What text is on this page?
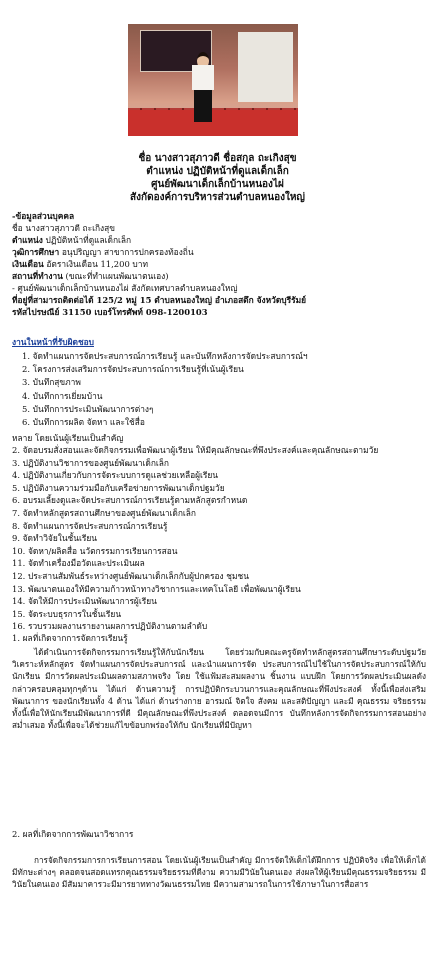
ชื่อ นางสาวสุภาวดี ชื่อสกุล ถะเกิงสุข
ตำแหน่ง ปฏิบัติหน้าที่ดูแลเด็กเล็ก
ศูนย์พัฒนาเด็กเล็กบ้านหนองไผ่
สังกัดองค์การบริหารส่วนตำบลหนองใหญ่
-ข้อมูลส่วนบุคคล
ชื่อ นางสาวสุภาวดี ถะเกิงสุข
ตำแหน่ง ปฏิบัติหน้าที่ดูแลเด็กเล็ก
วุฒิการศึกษา อนุปริญญา สาขาการปกครองท้องถิ่น
เงินเดือน อัตราเงินเดือน 11,200 บาท
สถานที่ทำงาน (ขณะที่ทำแผนพัฒนาตนเอง)
- ศูนย์พัฒนาเด็กเล็กบ้านหนองไผ่ สังกัดเทศบาลตำบลหนองใหญ่
ที่อยู่ที่สามารถติดต่อได้ 125/2 หมู่ 15 ตำบลหนองใหญ่ อำเภอสตึก จังหวัดบุรีรัมย์
รหัสไปรษณีย์ 31150 เบอร์โทรศัพท์ 098-1200103
งานในหน้าที่รับผิดชอบ
1. จัดทำแผนการจัดประสบการณ์การเรียนรู้ และบันทึกหลังการจัดประสบการณ์ฯ
2. โครงการส่งเสริมการจัดประสบการณ์การเรียนรู้ที่เน้นผู้เรียน
3. บันทึกสุขภาพ
4. บันทึกการเยี่ยมบ้าน
5. บันทึกการประเมินพัฒนาการต่างๆ
6. บันทึกการผลิต จัดหา และใช้สื่อ
หลาย โดยเน้นผู้เรียนเป็นสำคัญ
2. จัดอบรมสั่งสอนและจัดกิจกรรมเพื่อพัฒนาผู้เรียน ให้มีคุณลักษณะที่พึงประสงค์และคุณลักษณะตามวัย
3. ปฏิบัติงานวิชาการของศูนย์พัฒนาเด็กเล็ก
4. ปฏิบัติงานเกี่ยวกับการจัดระบบการดูแลช่วยเหลือผู้เรียน
5. ปฏิบัติงานความร่วมมือกับเครือข่ายการพัฒนาเด็กปฐมวัย
6. อบรมเลี้ยงดูและจัดประสบการณ์การเรียนรู้ตามหลักสูตรกำหนด
7. จัดทำหลักสูตรสถานศึกษาของศูนย์พัฒนาเด็กเล็ก
8. จัดทำแผนการจัดประสบการณ์การเรียนรู้
9. จัดทำวิจัยในชั้นเรียน
10. จัดหา/ผลิตสื่อ นวัตกรรมการเรียนการสอน
11. จัดทำเครื่องมือวัดและประเมินผล
12. ประสานสัมพันธ์ระหว่างศูนย์พัฒนาเด็กเล็กกับผู้ปกครอง ชุมชน
13. พัฒนาตนเองให้มีความก้าวหน้าทางวิชาการและเทคโนโลยี เพื่อพัฒนาผู้เรียน
14. จัดให้มีการประเมินพัฒนาการผู้เรียน
15. จัดระบบธุรการในชั้นเรียน
16. รวบรวมผลงานรายงานผลการปฏิบัติงานตามลำดับ
1. ผลที่เกิดจากการจัดการเรียนรู้

ได้ดำเนินการจัดกิจกรรมการเรียนรู้ให้กับนักเรียน โดยร่วมกับคณะครูจัดทำหลักสูตรสถานศึกษาระดับปฐมวัย วิเคราะห์หลักสูตร จัดทำแผนการจัดประสบการณ์ และนำแผนการจัด ประสบการณ์ไปใช้ในการจัดประสบการณ์ให้กับนักเรียน มีการวัดผลประเมินผลตามสภาพจริง โดย ใช้แฟ้มสะสมผลงาน ชิ้นงาน แบบฝึก โดยการวัดผลประเมินผลดังกล่าวครอบคลุมทุกๆด้าน ได้แก่ ด้านความรู้ การปฏิบัติกระบวนการและคุณลักษณะที่พึงประสงค์ ทั้งนี้เพื่อส่งเสริมพัฒนาการ ของนักเรียนทั้ง 4 ด้าน ได้แก่ ด้านร่างกาย อารมณ์ จิตใจ สังคม และสติปัญญา และมี คุณธรรม จริยธรรม ทั้งนี้เพื่อให้นักเรียนมีพัฒนาการที่ดี มีคุณลักษณะที่พึงประสงค์ ตลอดจนมีการ บันทึกหลังการจัดกิจกรรมการสอนอย่างสม่ำเสมอ ทั้งนี้เพื่อจะได้ช่วยแก้ไขข้อบกพร่องให้กับ นักเรียนที่มีปัญหา

2. ผลที่เกิดจากการพัฒนาวิชาการ

การจัดกิจกรรมการการเรียนการสอน โดยเน้นผู้เรียนเป็นสำคัญ มีการจัดให้เด็กได้ฝึกการ ปฏิบัติจริง เพื่อให้เด็กได้มีทักษะต่างๆ ตลอดจนสอดแทรกคุณธรรมจริยธรรมที่ดีงาม ความมีวินัยในตนเอง ส่งผลให้ผู้เรียนมีคุณธรรมจริยธรรม มีวินัยในตนเอง มีสัมมาคารวะมีมารยาททางวัฒนธรรมไทย มีความสามารถในการใช้ภาษาในการสื่อสาร
